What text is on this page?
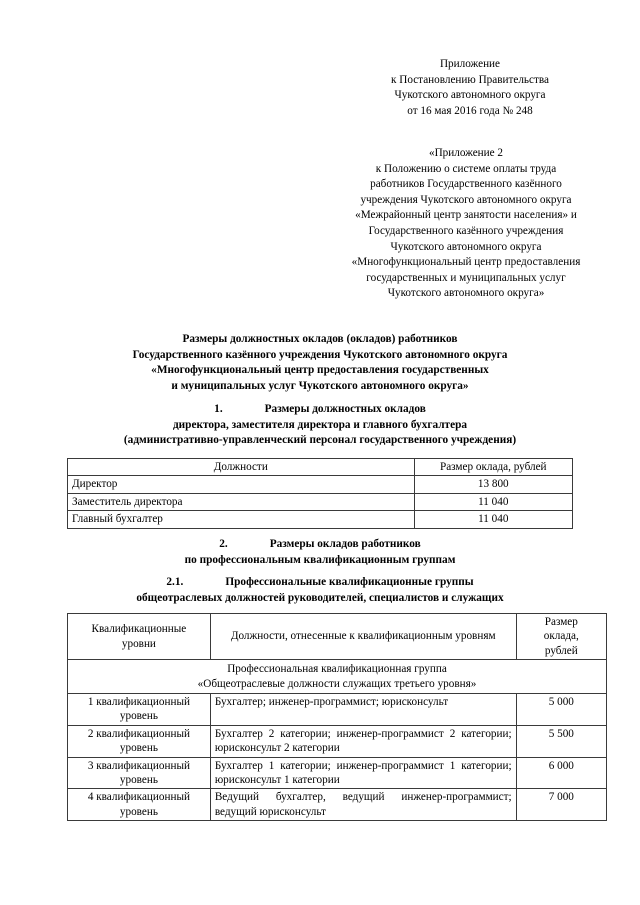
Приложение
к Постановлению Правительства
Чукотского автономного округа
от 16 мая 2016 года № 248
«Приложение 2
к Положению о системе оплаты труда
работников Государственного казённого
учреждения Чукотского автономного округа
«Межрайонный центр занятости населения» и
Государственного казённого учреждения
Чукотского автономного округа
«Многофункциональный центр предоставления
государственных и муниципальных услуг
Чукотского автономного округа»
Размеры должностных окладов (окладов) работников
Государственного казённого учреждения Чукотского автономного округа
«Многофункциональный центр предоставления государственных
и муниципальных услуг Чукотского автономного округа»
1.	Размеры должностных окладов
директора, заместителя директора и главного бухгалтера
(административно-управленческий персонал государственного учреждения)
Должности	Размер оклада, рублей
Директор	13 800
Заместитель директора	11 040
Главный бухгалтер	11 040
2.	Размеры окладов работников
по профессиональным квалификационным группам
2.1.	Профессиональные квалификационные группы
общеотраслевых должностей руководителей, специалистов и служащих
Квалификационные
уровни	Должности, отнесенные к квалификационным уровням	Размер
оклада,
рублей

Профессиональная квалификационная группа
«Общеотраслевые должности служащих третьего уровня»		

1 квалификационный
уровень	Бухгалтер; инженер-программист; юрисконсульт	5 000

2 квалификационный
уровень	Бухгалтер 2 категории; инженер-программист 2 категории; юрисконсульт 2 категории	5 500

3 квалификационный
уровень	Бухгалтер 1 категории; инженер-программист 1 категории; юрисконсульт 1 категории	6 000

4 квалификационный
уровень	Ведущий бухгалтер, ведущий инженер-программист; ведущий юрисконсульт	7 000
